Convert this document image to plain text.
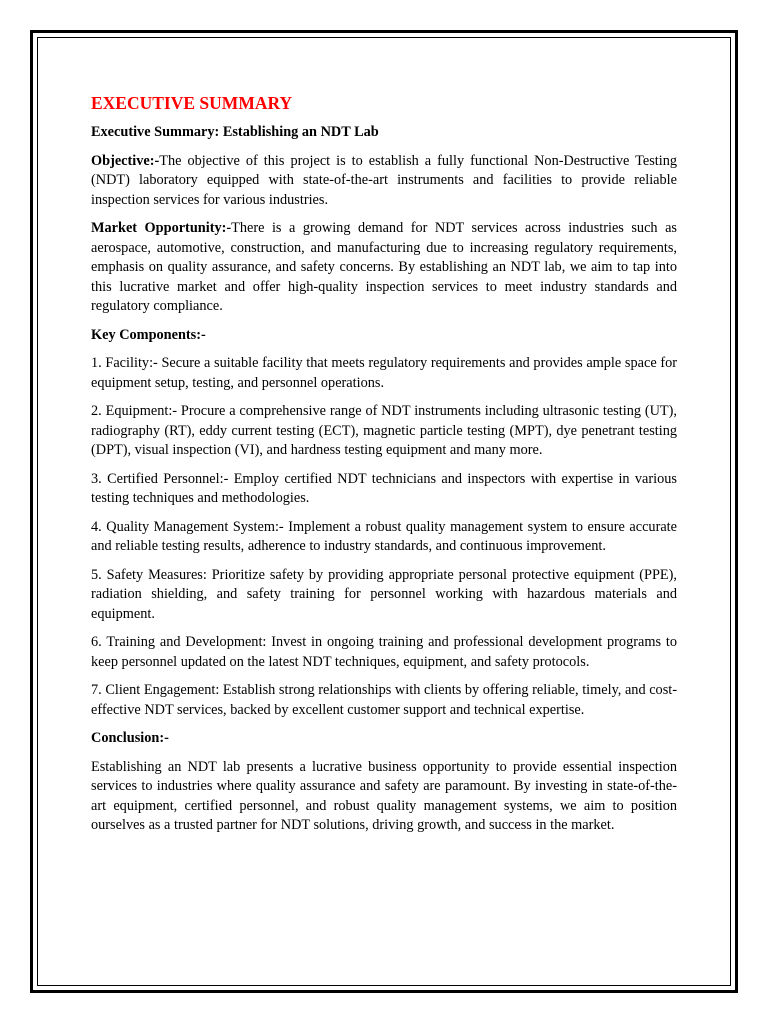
EXECUTIVE SUMMARY

Executive Summary: Establishing an NDT Lab

Objective:-The objective of this project is to establish a fully functional Non-Destructive Testing (NDT) laboratory equipped with state-of-the-art instruments and facilities to provide reliable inspection services for various industries.

Market Opportunity:-There is a growing demand for NDT services across industries such as aerospace, automotive, construction, and manufacturing due to increasing regulatory requirements, emphasis on quality assurance, and safety concerns. By establishing an NDT lab, we aim to tap into this lucrative market and offer high-quality inspection services to meet industry standards and regulatory compliance.

Key Components:-

1. Facility:- Secure a suitable facility that meets regulatory requirements and provides ample space for equipment setup, testing, and personnel operations.

2. Equipment:- Procure a comprehensive range of NDT instruments including ultrasonic testing (UT), radiography (RT), eddy current testing (ECT), magnetic particle testing (MPT), dye penetrant testing (DPT), visual inspection (VI), and hardness testing equipment and many more.

3. Certified Personnel:- Employ certified NDT technicians and inspectors with expertise in various testing techniques and methodologies.

4. Quality Management System:- Implement a robust quality management system to ensure accurate and reliable testing results, adherence to industry standards, and continuous improvement.

5. Safety Measures: Prioritize safety by providing appropriate personal protective equipment (PPE), radiation shielding, and safety training for personnel working with hazardous materials and equipment.

6. Training and Development: Invest in ongoing training and professional development programs to keep personnel updated on the latest NDT techniques, equipment, and safety protocols.

7. Client Engagement: Establish strong relationships with clients by offering reliable, timely, and cost-effective NDT services, backed by excellent customer support and technical expertise.

Conclusion:-

Establishing an NDT lab presents a lucrative business opportunity to provide essential inspection services to industries where quality assurance and safety are paramount. By investing in state-of-the-art equipment, certified personnel, and robust quality management systems, we aim to position ourselves as a trusted partner for NDT solutions, driving growth, and success in the market.
